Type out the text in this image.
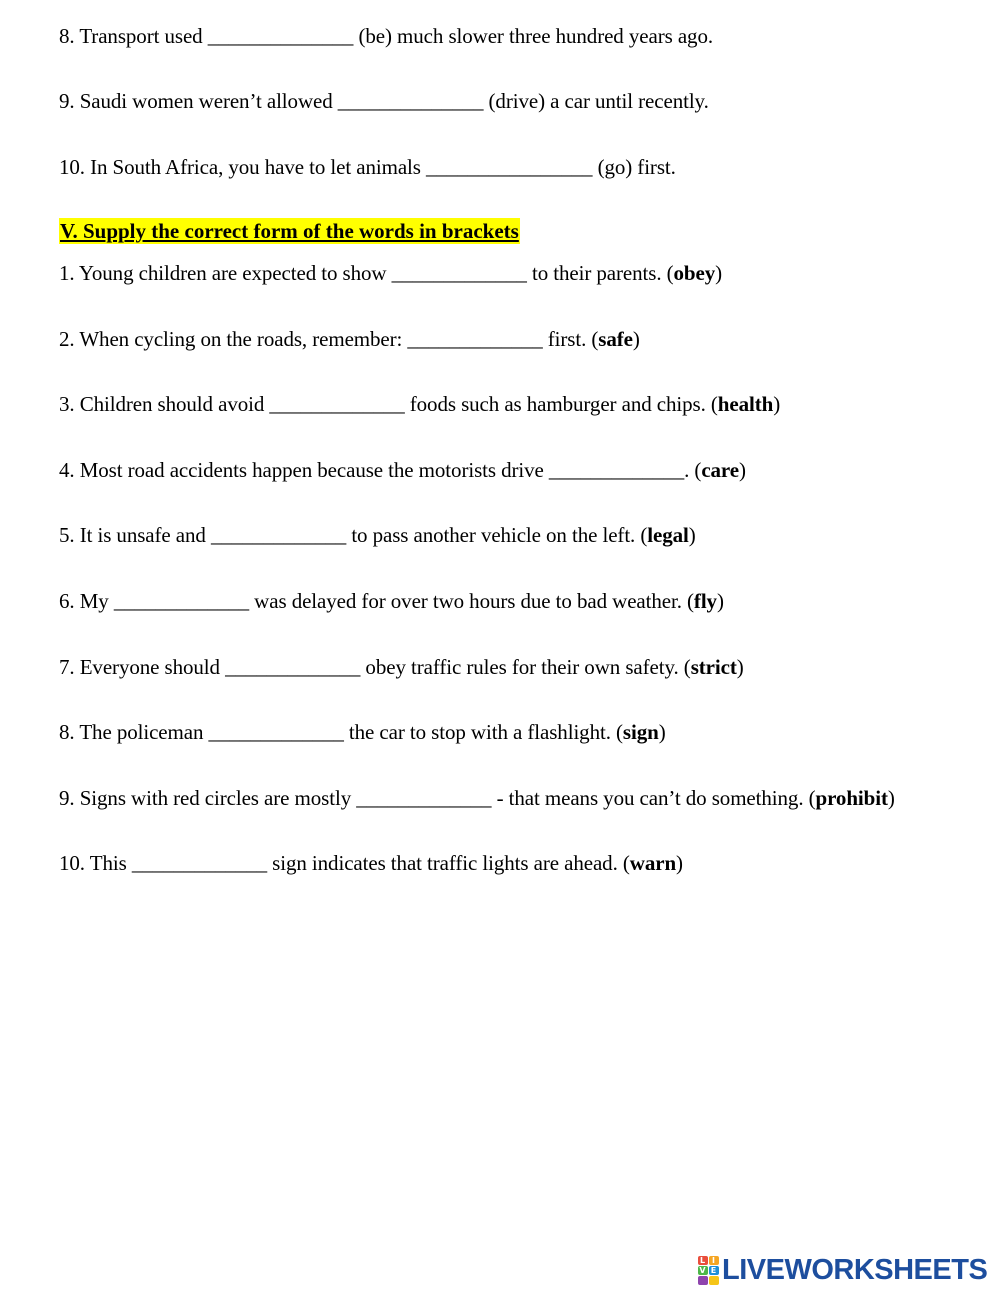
8. Transport used ______________ (be) much slower three hundred years ago.
9. Saudi women weren’t allowed ______________ (drive) a car until recently.
10. In South Africa, you have to let animals ________________ (go) first.
V. Supply the correct form of the words in brackets
1. Young children are expected to show _____________ to their parents. (obey)
2. When cycling on the roads, remember: _____________ first. (safe)
3. Children should avoid _____________ foods such as hamburger and chips. (health)
4. Most road accidents happen because the motorists drive _____________. (care)
5. It is unsafe and _____________ to pass another vehicle on the left. (legal)
6. My _____________ was delayed for over two hours due to bad weather. (fly)
7. Everyone should _____________ obey traffic rules for their own safety. (strict)
8. The policeman _____________ the car to stop with a flashlight. (sign)
9. Signs with red circles are mostly _____________ - that means you can’t do something. (prohibit)
10. This _____________ sign indicates that traffic lights are ahead. (warn)
L I
V E LIVEWORKSHEETS
